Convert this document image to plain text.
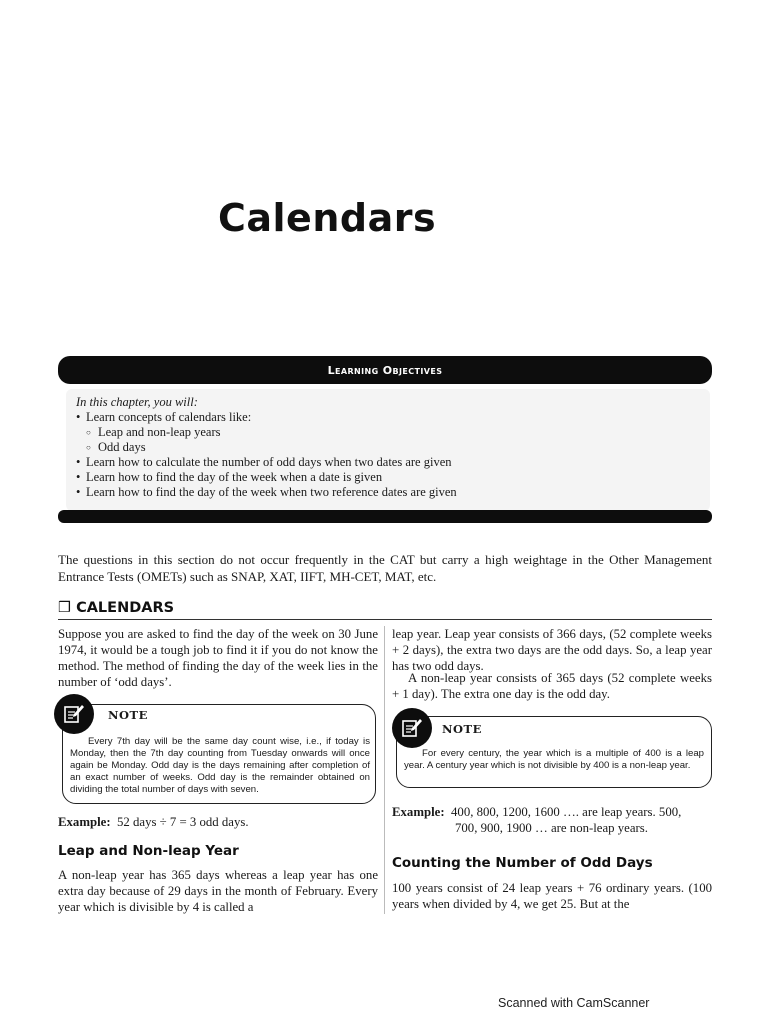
Calendars
Learning Objectives
In this chapter, you will:
• Learn concepts of calendars like:
○ Leap and non-leap years
○ Odd days
• Learn how to calculate the number of odd days when two dates are given
• Learn how to find the day of the week when a date is given
• Learn how to find the day of the week when two reference dates are given
The questions in this section do not occur frequently in the CAT but carry a high weightage in the Other Management Entrance Tests (OMETs) such as SNAP, XAT, IIFT, MH-CET, MAT, etc.
❒ CALENDARS
Suppose you are asked to find the day of the week on 30 June 1974, it would be a tough job to find it if you do not know the method. The method of finding the day of the week lies in the number of ‘odd days’.
NOTE
Every 7th day will be the same day count wise, i.e., if today is Monday, then the 7th day counting from Tuesday onwards will once again be Monday. Odd day is the days remaining after completion of an exact number of weeks. Odd day is the remainder obtained on dividing the total number of days with seven.
Example: 52 days ÷ 7 = 3 odd days.
Leap and Non-leap Year
A non-leap year has 365 days whereas a leap year has one extra day because of 29 days in the month of February. Every year which is divisible by 4 is called a
leap year. Leap year consists of 366 days, (52 complete weeks + 2 days), the extra two days are the odd days. So, a leap year has two odd days.
A non-leap year consists of 365 days (52 complete weeks + 1 day). The extra one day is the odd day.
NOTE
For every century, the year which is a multiple of 400 is a leap year. A century year which is not divisible by 400 is a non-leap year.
Example: 400, 800, 1200, 1600 …. are leap years. 500,
700, 900, 1900 … are non-leap years.
Counting the Number of Odd Days
100 years consist of 24 leap years + 76 ordinary years. (100 years when divided by 4, we get 25. But at the
Scanned with CamScanner
